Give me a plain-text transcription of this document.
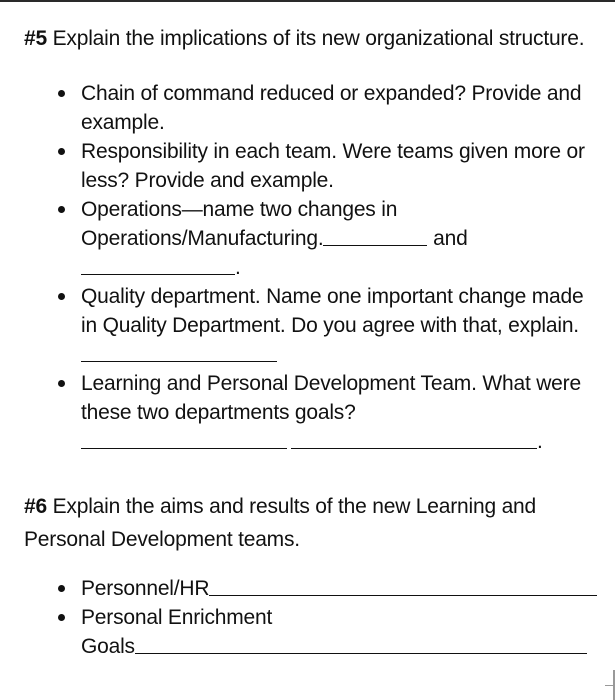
#5 Explain the implications of its new organizational structure.

Chain of command reduced or expanded? Provide and example.
Responsibility in each team. Were teams given more or less? Provide and example.
Operations—name two changes in Operations/Manufacturing.	and
.
Quality department. Name one important change made in Quality Department. Do you agree with that, explain.
Learning and Personal Development Team. What were these two departments goals?
.

#6 Explain the aims and results of the new Learning and Personal Development teams.

Personnel/HR
Personal Enrichment
Goals
